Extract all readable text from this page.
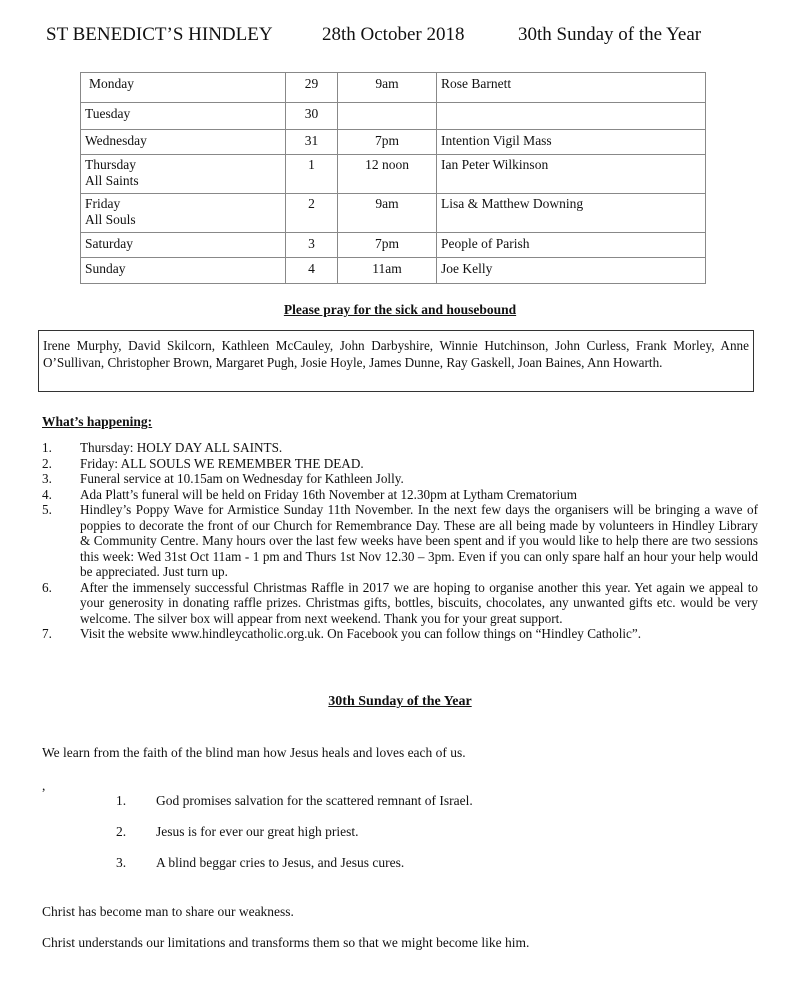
ST BENEDICT’S HINDLEY	28th October 2018	30th Sunday of the Year
Monday	29	9am	Rose Barnett
Tuesday	30		
Wednesday	31	7pm	Intention Vigil Mass

Thursday
All Saints	1	12 noon	Ian Peter Wilkinson

Friday
All Souls	2	9am	Lisa & Matthew Downing
Saturday	3	7pm	People of Parish
Sunday	4	11am	Joe Kelly
Please pray for the sick and housebound
Irene Murphy, David Skilcorn, Kathleen McCauley, John Darbyshire, Winnie Hutchinson, John Curless, Frank Morley, Anne O’Sullivan, Christopher Brown, Margaret Pugh, Josie Hoyle, James Dunne, Ray Gaskell, Joan Baines, Ann Howarth.
What’s happening:
1. Thursday: HOLY DAY ALL SAINTS.
2. Friday: ALL SOULS WE REMEMBER THE DEAD.
3. Funeral service at 10.15am on Wednesday for Kathleen Jolly.
4. Ada Platt’s funeral will be held on Friday 16th November at 12.30pm at Lytham Crematorium
5. Hindley’s Poppy Wave for Armistice Sunday 11th November. In the next few days the organisers will be bringing a wave of poppies to decorate the front of our Church for Remembrance Day. These are all being made by volunteers in Hindley Library & Community Centre. Many hours over the last few weeks have been spent and if you would like to help there are two sessions this week: Wed 31st Oct 11am - 1 pm and Thurs 1st Nov 12.30 – 3pm. Even if you can only spare half an hour your help would be appreciated. Just turn up.
6. After the immensely successful Christmas Raffle in 2017 we are hoping to organise another this year. Yet again we appeal to your generosity in donating raffle prizes. Christmas gifts, bottles, biscuits, chocolates, any unwanted gifts etc. would be very welcome. The silver box will appear from next weekend. Thank you for your great support.
7. Visit the website www.hindleycatholic.org.uk. On Facebook you can follow things on “Hindley Catholic”.
30th Sunday of the Year
We learn from the faith of the blind man how Jesus heals and loves each of us.
,
1. God promises salvation for the scattered remnant of Israel.
2. Jesus is for ever our great high priest.
3. A blind beggar cries to Jesus, and Jesus cures.
Christ has become man to share our weakness.
Christ understands our limitations and transforms them so that we might become like him.
